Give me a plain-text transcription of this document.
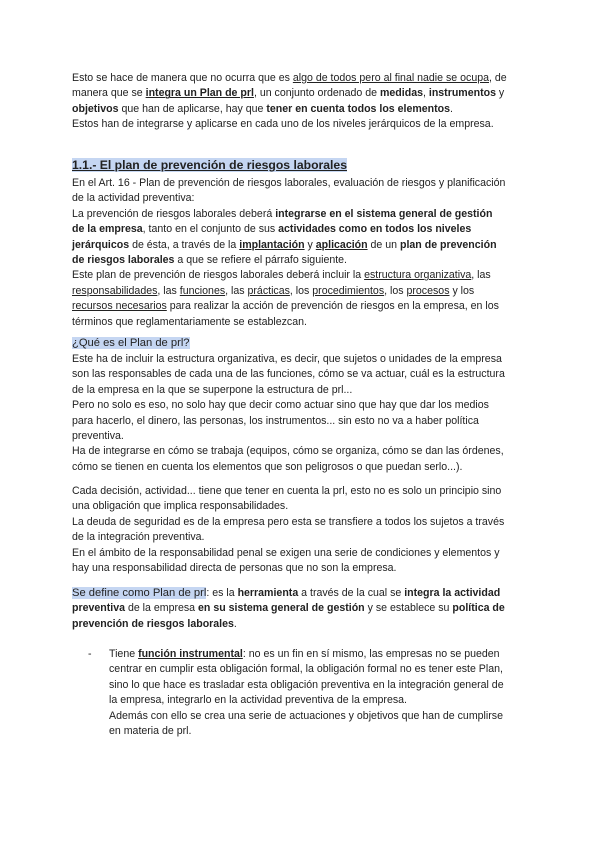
Esto se hace de manera que no ocurra que es algo de todos pero al final nadie se ocupa, de
manera que se integra un Plan de prl, un conjunto ordenado de medidas, instrumentos y
objetivos que han de aplicarse, hay que tener en cuenta todos los elementos.
Estos han de integrarse y aplicarse en cada uno de los niveles jerárquicos de la empresa.
1.1.- El plan de prevención de riesgos laborales
En el Art. 16 - Plan de prevención de riesgos laborales, evaluación de riesgos y planificación
de la actividad preventiva:
La prevención de riesgos laborales deberá integrarse en el sistema general de gestión
de la empresa, tanto en el conjunto de sus actividades como en todos los niveles
jerárquicos de ésta, a través de la implantación y aplicación de un plan de prevención
de riesgos laborales a que se refiere el párrafo siguiente.
Este plan de prevención de riesgos laborales deberá incluir la estructura organizativa, las
responsabilidades, las funciones, las prácticas, los procedimientos, los procesos y los
recursos necesarios para realizar la acción de prevención de riesgos en la empresa, en los
términos que reglamentariamente se establezcan.
¿Qué es el Plan de prl?
Este ha de incluir la estructura organizativa, es decir, que sujetos o unidades de la empresa
son las responsables de cada una de las funciones, cómo se va actuar, cuál es la estructura
de la empresa en la que se superpone la estructura de prl...
Pero no solo es eso, no solo hay que decir como actuar sino que hay que dar los medios
para hacerlo, el dinero, las personas, los instrumentos... sin esto no va a haber política
preventiva.
Ha de integrarse en cómo se trabaja (equipos, cómo se organiza, cómo se dan las órdenes,
cómo se tienen en cuenta los elementos que son peligrosos o que puedan serlo...).
Cada decisión, actividad... tiene que tener en cuenta la prl, esto no es solo un principio sino
una obligación que implica responsabilidades.
La deuda de seguridad es de la empresa pero esta se transfiere a todos los sujetos a través
de la integración preventiva.
En el ámbito de la responsabilidad penal se exigen una serie de condiciones y elementos y
hay una responsabilidad directa de personas que no son la empresa.
Se define como Plan de prl: es la herramienta a través de la cual se integra la actividad
preventiva de la empresa en su sistema general de gestión y se establece su política de
prevención de riesgos laborales.
- Tiene función instrumental: no es un fin en sí mismo, las empresas no se pueden
centrar en cumplir esta obligación formal, la obligación formal no es tener este Plan,
sino lo que hace es trasladar esta obligación preventiva en la integración general de
la empresa, integrarlo en la actividad preventiva de la empresa.
Además con ello se crea una serie de actuaciones y objetivos que han de cumplirse
en materia de prl.
